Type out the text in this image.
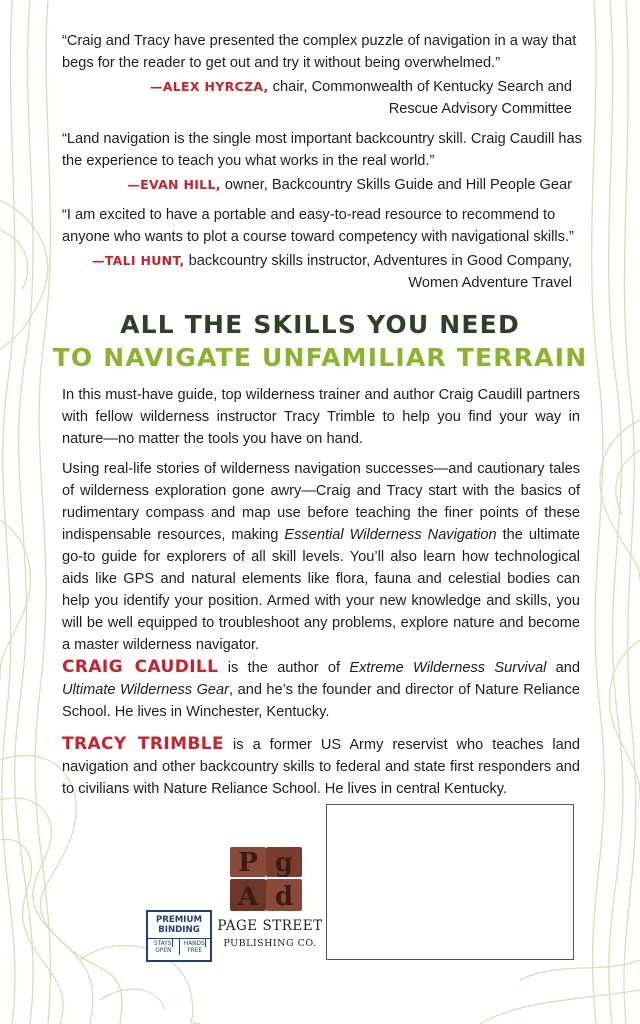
“Craig and Tracy have presented the complex puzzle of navigation in a way that begs for the reader to get out and try it without being overwhelmed.”
—ALEX HYRCZA, chair, Commonwealth of Kentucky Search and
Rescue Advisory Committee
“Land navigation is the single most important backcountry skill. Craig Caudill has the experience to teach you what works in the real world.”
—EVAN HILL, owner, Backcountry Skills Guide and Hill People Gear
“I am excited to have a portable and easy-to-read resource to recommend to anyone who wants to plot a course toward competency with navigational skills.”
—TALI HUNT, backcountry skills instructor, Adventures in Good Company,
Women Adventure Travel
ALL THE SKILLS YOU NEED
TO NAVIGATE UNFAMILIAR TERRAIN
In this must-have guide, top wilderness trainer and author Craig Caudill partners with fellow wilderness instructor Tracy Trimble to help you find your way in nature—no matter the tools you have on hand.
Using real-life stories of wilderness navigation successes—and cautionary tales of wilderness exploration gone awry—Craig and Tracy start with the basics of rudimentary compass and map use before teaching the finer points of these indispensable resources, making Essential Wilderness Navigation the ultimate go-to guide for explorers of all skill levels. You’ll also learn how technological aids like GPS and natural elements like flora, fauna and celestial bodies can help you identify your position. Armed with your new knowledge and skills, you will be well equipped to troubleshoot any problems, explore nature and become a master wilderness navigator.
CRAIG CAUDILL is the author of Extreme Wilderness Survival and Ultimate Wilderness Gear, and he’s the founder and director of Nature Reliance School. He lives in Winchester, Kentucky.
TRACY TRIMBLE is a former US Army reservist who teaches land navigation and other backcountry skills to federal and state first responders and to civilians with Nature Reliance School. He lives in central Kentucky.
PREMIUM
BINDING
STAYS
OPEN
HANDS
FREE
P g
A d
PAGE STREET
PUBLISHING CO.
